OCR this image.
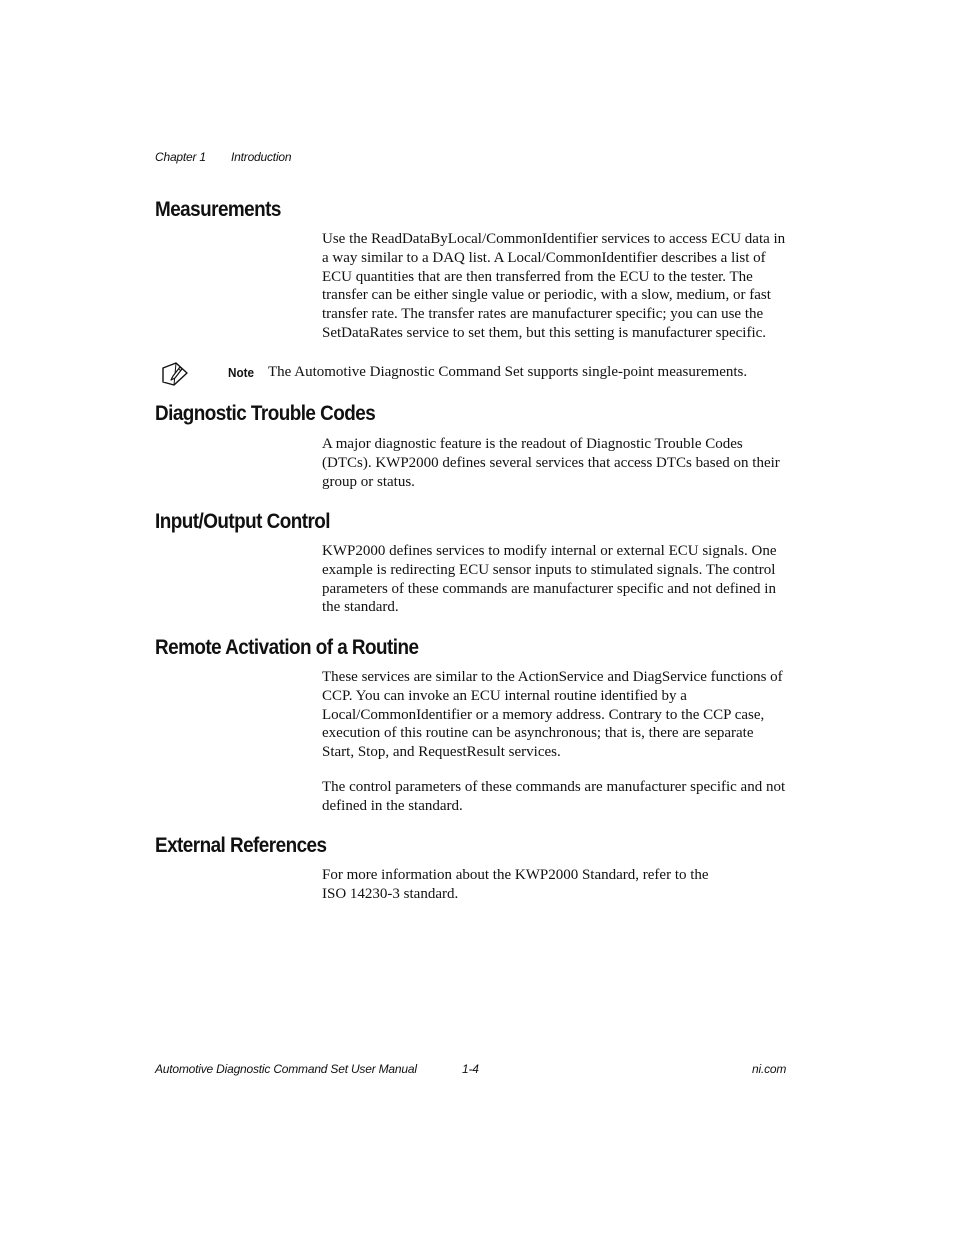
Chapter 1 Introduction
Measurements

Use the ReadDataByLocal/CommonIdentifier services to access ECU data in a way similar to a DAQ list. A Local/CommonIdentifier describes a list of ECU quantities that are then transferred from the ECU to the tester. The transfer can be either single value or periodic, with a slow, medium, or fast transfer rate. The transfer rates are manufacturer specific; you can use the SetDataRates service to set them, but this setting is manufacturer specific.

Note The Automotive Diagnostic Command Set supports single-point measurements.
Diagnostic Trouble Codes

A major diagnostic feature is the readout of Diagnostic Trouble Codes (DTCs). KWP2000 defines several services that access DTCs based on their group or status.

Input/Output Control

KWP2000 defines services to modify internal or external ECU signals. One example is redirecting ECU sensor inputs to stimulated signals. The control parameters of these commands are manufacturer specific and not defined in the standard.

Remote Activation of a Routine

These services are similar to the ActionService and DiagService functions of CCP. You can invoke an ECU internal routine identified by a Local/CommonIdentifier or a memory address. Contrary to the CCP case, execution of this routine can be asynchronous; that is, there are separate Start, Stop, and RequestResult services.

The control parameters of these commands are manufacturer specific and not defined in the standard.

External References

For more information about the KWP2000 Standard, refer to the ISO 14230-3 standard.

Automotive Diagnostic Command Set User Manual	1-4	ni.com
